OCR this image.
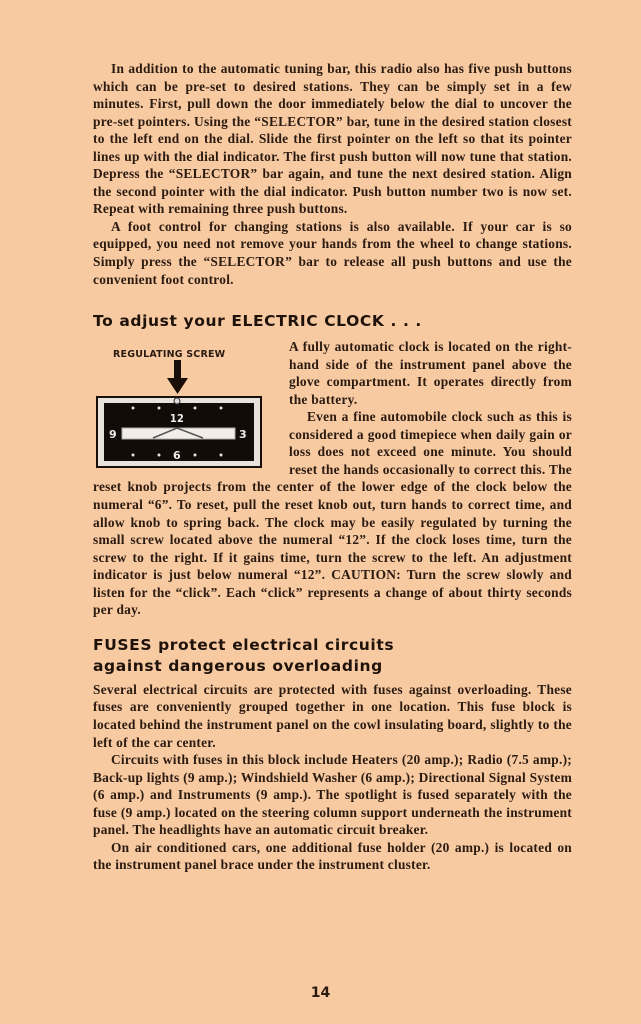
In addition to the automatic tuning bar, this radio also has five push buttons which can be pre-set to desired stations. They can be simply set in a few minutes. First, pull down the door immediately below the dial to uncover the pre-set pointers. Using the “SELECTOR” bar, tune in the desired station closest to the left end on the dial. Slide the first pointer on the left so that its pointer lines up with the dial indicator. The first push button will now tune that station. Depress the “SELECTOR” bar again, and tune the next desired station. Align the second pointer with the dial indicator. Push button number two is now set. Repeat with remaining three push buttons.

A foot control for changing stations is also available. If your car is so equipped, you need not remove your hands from the wheel to change stations. Simply press the “SELECTOR” bar to release all push buttons and use the convenient foot control.

To adjust your ELECTRIC CLOCK . . .
REGULATING SCREW
12
3
6
9

A fully automatic clock is located on the right-hand side of the instrument panel above the glove compartment. It operates directly from the battery.

Even a fine automobile clock such as this is considered a good timepiece when daily gain or loss does not exceed one minute. You should reset the hands occasionally to correct this. The reset knob projects from the center of the lower edge of the clock below the numeral “6”. To reset, pull the reset knob out, turn hands to correct time, and allow knob to spring back. The clock may be easily regulated by turning the small screw located above the numeral “12”. If the clock loses time, turn the screw to the right. If it gains time, turn the screw to the left. An adjustment indicator is just below numeral “12”. CAUTION: Turn the screw slowly and listen for the “click”. Each “click” represents a change of about thirty seconds per day.

FUSES protect electrical circuits
against dangerous overloading

Several electrical circuits are protected with fuses against overloading. These fuses are conveniently grouped together in one location. This fuse block is located behind the instrument panel on the cowl insulating board, slightly to the left of the car center.

Circuits with fuses in this block include Heaters (20 amp.); Radio (7.5 amp.); Back-up lights (9 amp.); Windshield Washer (6 amp.); Directional Signal System (6 amp.) and Instruments (9 amp.). The spotlight is fused separately with the fuse (9 amp.) located on the steering column support underneath the instrument panel. The headlights have an automatic circuit breaker.

On air conditioned cars, one additional fuse holder (20 amp.) is located on the instrument panel brace under the instrument cluster.

14
